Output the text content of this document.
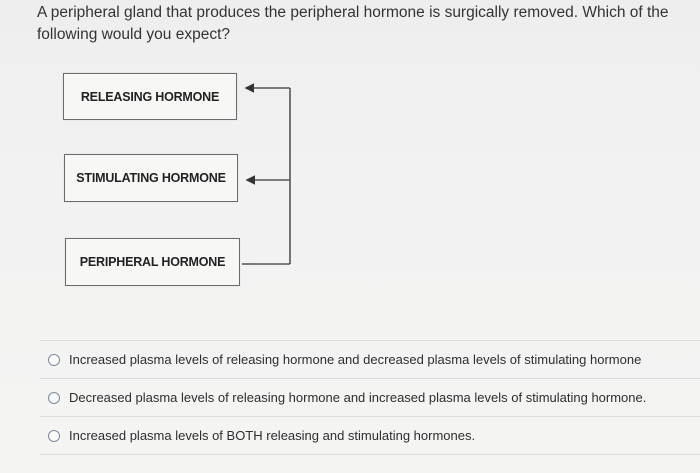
A peripheral gland that produces the peripheral hormone is surgically removed. Which of the following would you expect?
RELEASING HORMONE
STIMULATING HORMONE
PERIPHERAL HORMONE
Increased plasma levels of releasing hormone and decreased plasma levels of stimulating hormone
Decreased plasma levels of releasing hormone and increased plasma levels of stimulating hormone.
Increased plasma levels of BOTH releasing and stimulating hormones.
